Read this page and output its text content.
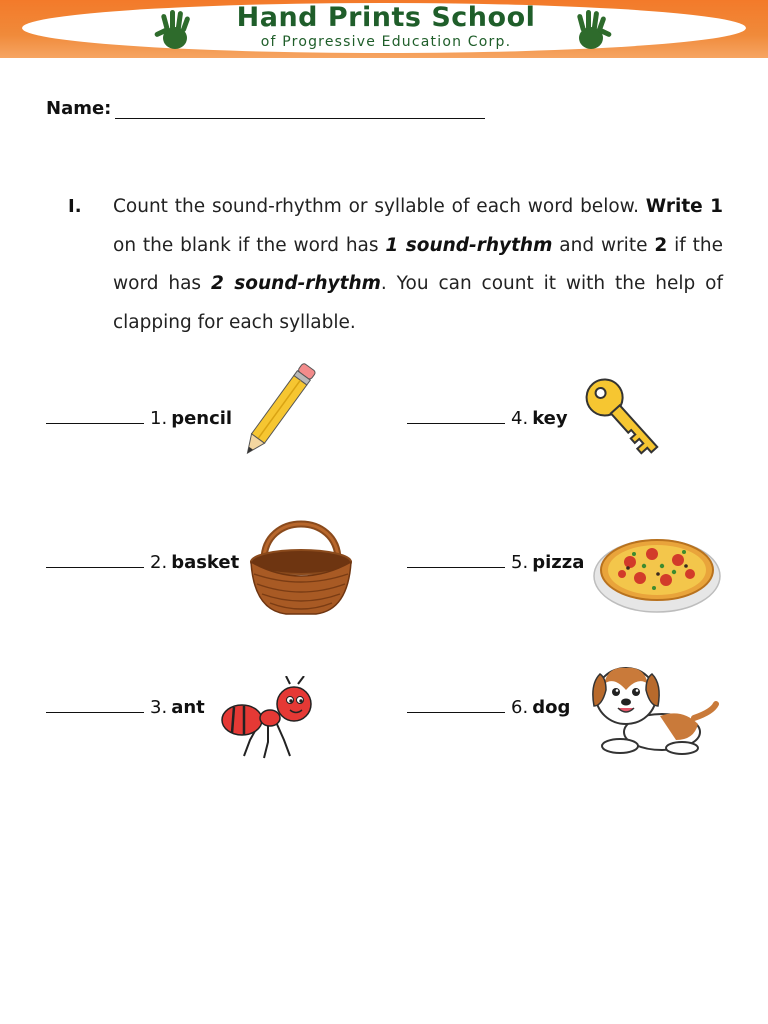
Hand Prints School
of Progressive Education Corp.
Name:
I. Count the sound-rhythm or syllable of each word below. Write 1 on the blank if the word has 1 sound-rhythm and write 2 if the word has 2 sound-rhythm. You can count it with the help of clapping for each syllable.
1. pencil
2. basket
3. ant
4. key
5. pizza
6. dog
